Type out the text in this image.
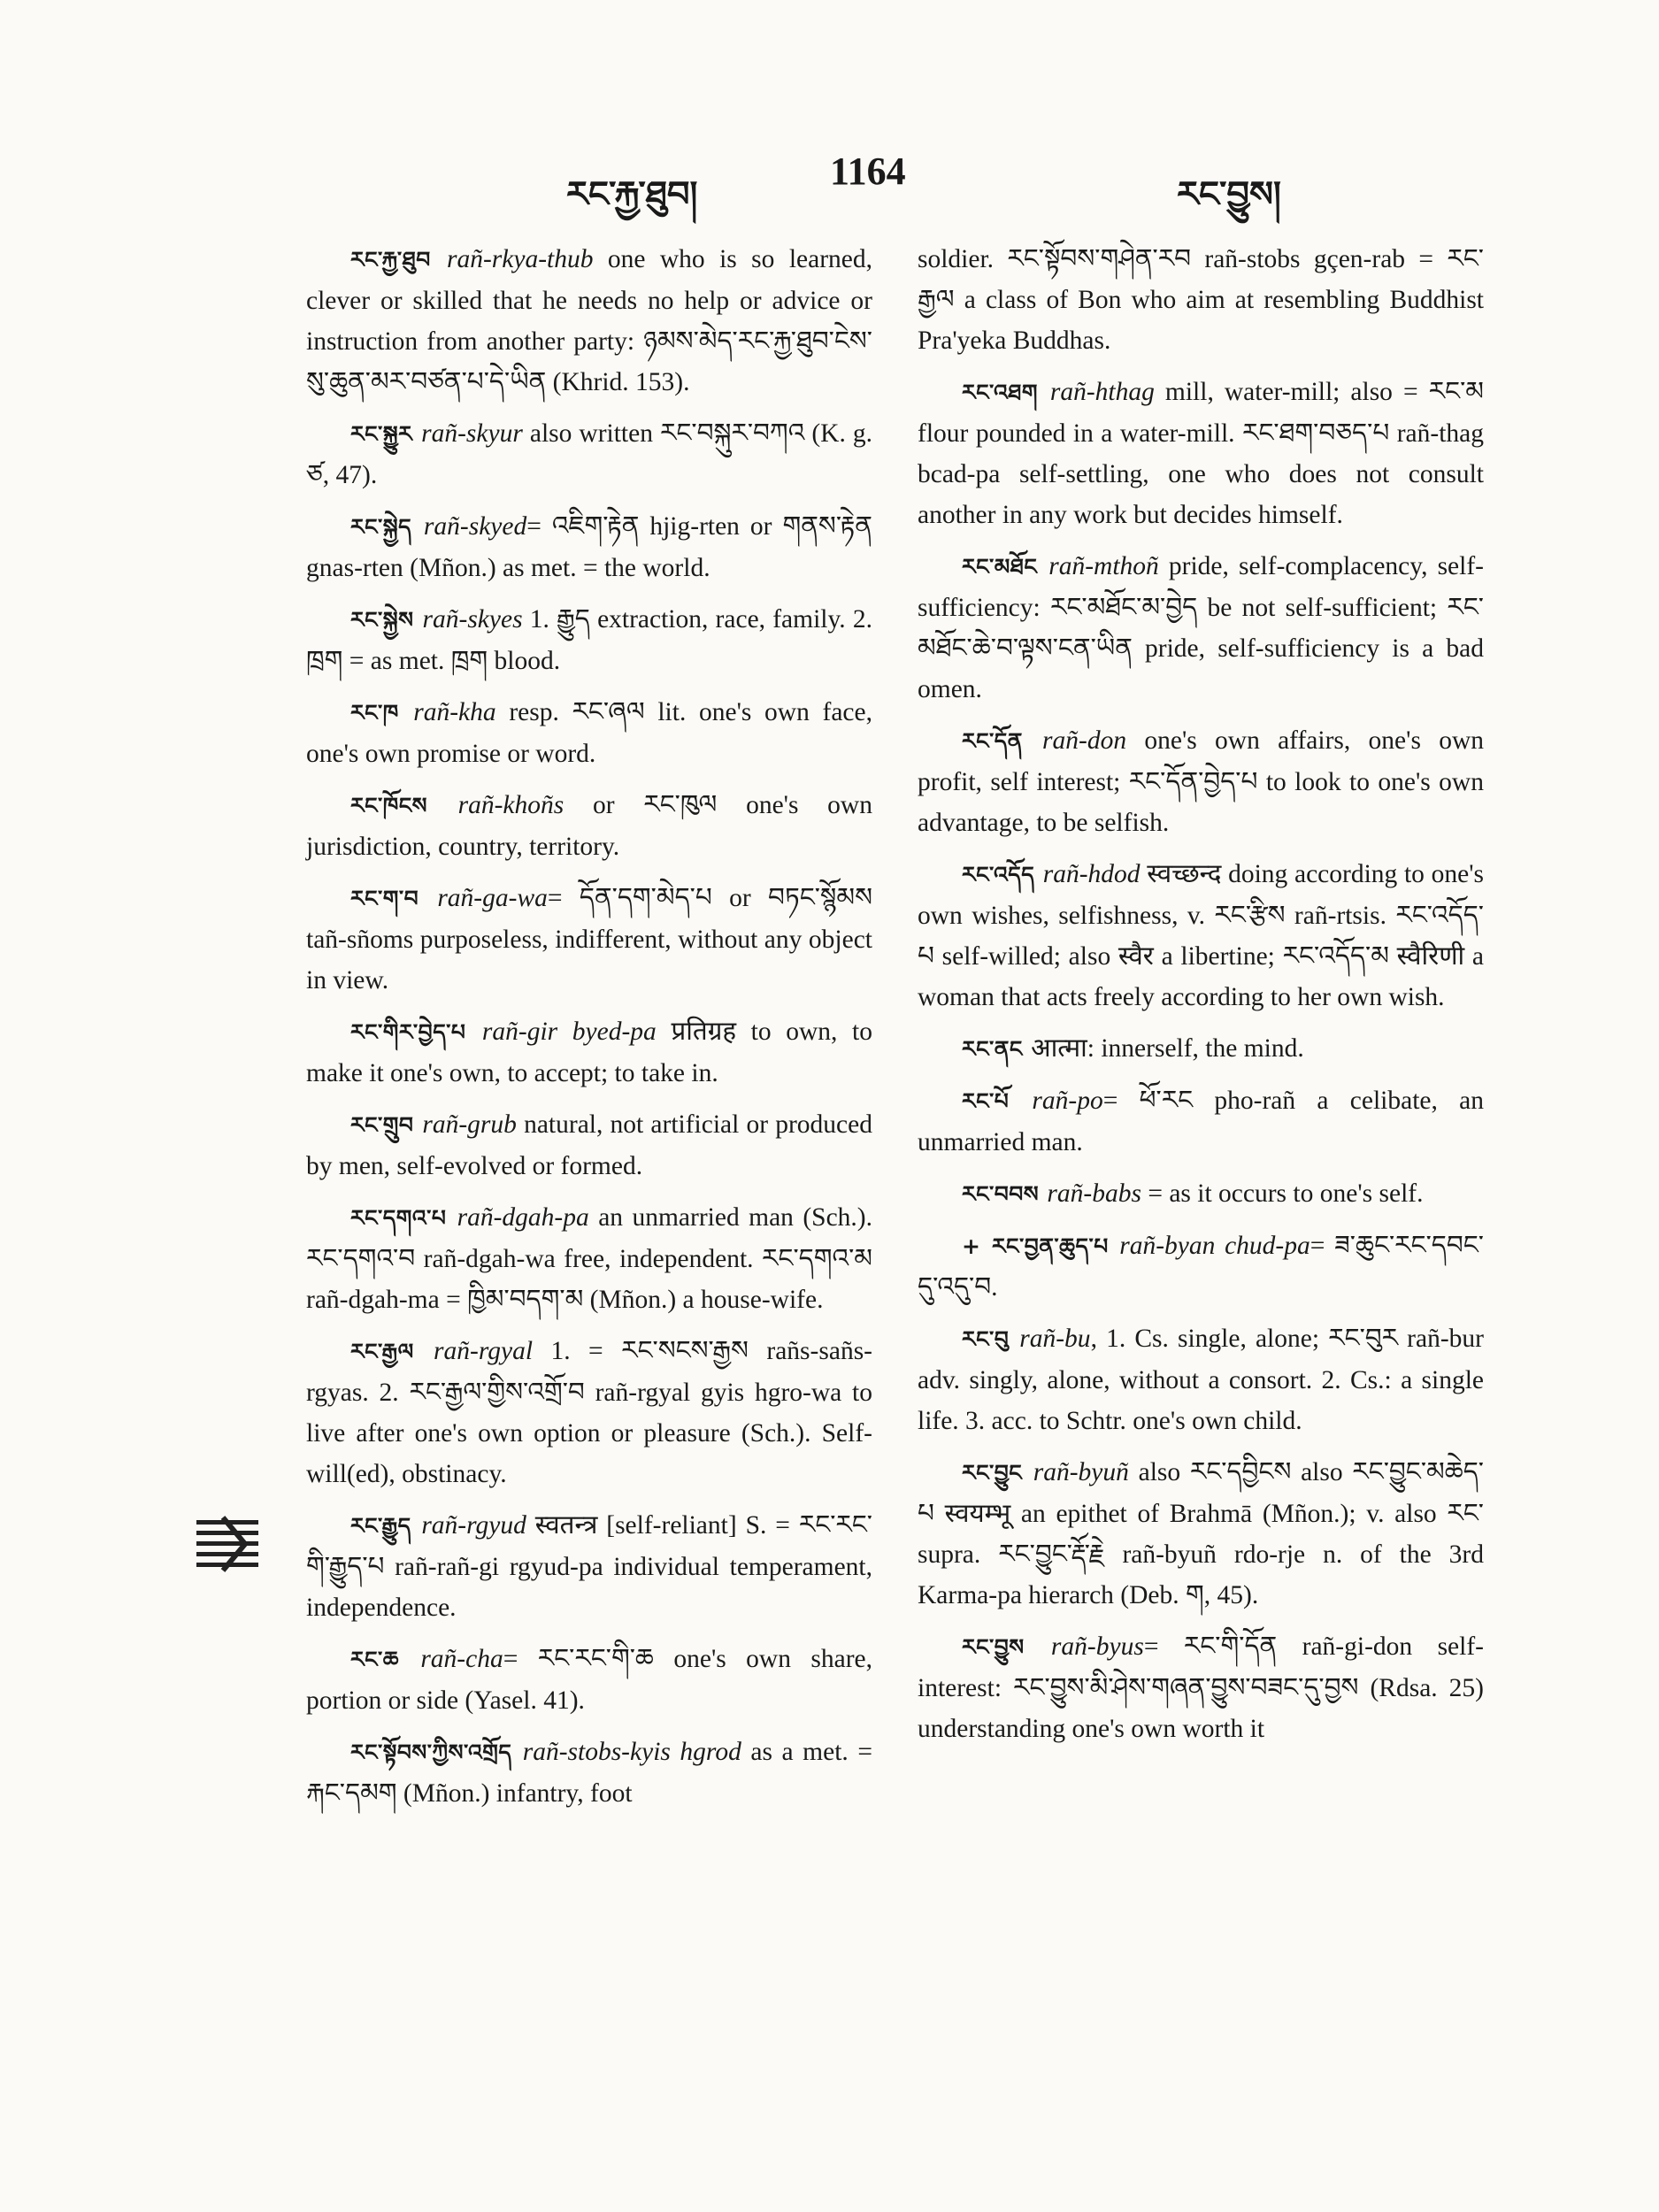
རང་རྐྱ་ཐུབ།
1164
རང་བྱུས།

རང་རྐྱ་ཐུབ rañ-rkya-thub one who is so learned, clever or skilled that he needs no help or advice or instruction from another party: ཉམས་མེད་རང་རྐྱ་ཐུབ་ངེས་སུ་ཆུན་མར་བཙན་པ་དེ་ཡིན (Khrid. 153).

རང་སྐྱུར rañ-skyur also written རང་བསྐུར་བཀའ (K. g. ཙ, 47).

རང་སྐྱེད rañ-skyed= འཇིག་རྟེན hjig-rten or གནས་རྟེན gnas-rten (Mñon.) as met. = the world.

རང་སྐྱེས rañ-skyes 1. རྒྱུད extraction, race, family. 2. ཁྲག = as met. ཁྲག blood.

རང་ཁ rañ-kha resp. རང་ཞལ lit. one's own face, one's own promise or word.

རང་ཁོངས rañ-khoñs or རང་ཁུལ one's own jurisdiction, country, territory.

རང་ག་བ rañ-ga-wa= དོན་དག་མེད་པ or བཏང་སྙོམས tañ-sñoms purposeless, indifferent, without any object in view.

རང་གིར་བྱེད་པ rañ-gir byed-pa प्रतिग्रह to own, to make it one's own, to accept; to take in.

རང་གྲུབ rañ-grub natural, not artificial or produced by men, self-evolved or formed.

རང་དགའ་པ rañ-dgah-pa an unmarried man (Sch.). རང་དགའ་བ rañ-dgah-wa free, independent. རང་དགའ་མ rañ-dgah-ma = ཁྱིམ་བདག་མ (Mñon.) a house-wife.

རང་རྒྱལ rañ-rgyal 1. = རང་སངས་རྒྱས rañs-sañs-rgyas. 2. རང་རྒྱལ་གྱིས་འགྲོ་བ rañ-rgyal gyis hgro-wa to live after one's own option or pleasure (Sch.). Self-will(ed), obstinacy.

རང་རྒྱུད rañ-rgyud स्वतन्त्र [self-reliant] S. = རང་རང་གི་རྒྱུད་པ rañ-rañ-gi rgyud-pa individual temperament, independence.

རང་ཆ rañ-cha= རང་རང་གི་ཆ one's own share, portion or side (Yasel. 41).

རང་སྟོབས་ཀྱིས་འགྲོད rañ-stobs-kyis hgrod as a met. = རྐང་དམག (Mñon.) infantry, foot

soldier. རང་སྟོབས་གཤེན་རབ rañ-stobs gçen-rab = རང་རྒྱལ a class of Bon who aim at resembling Buddhist Pra'yeka Buddhas.

རང་འཐག rañ-hthag mill, water-mill; also = རང་མ flour pounded in a water-mill. རང་ཐག་བཅད་པ rañ-thag bcad-pa self-settling, one who does not consult another in any work but decides himself.

རང་མཐོང rañ-mthoñ pride, self-complacency, self-sufficiency: རང་མཐོང་མ་བྱེད be not self-sufficient; རང་མཐོང་ཆེ་བ་ལྟས་ངན་ཡིན pride, self-sufficiency is a bad omen.

རང་དོན rañ-don one's own affairs, one's own profit, self interest; རང་དོན་བྱེད་པ to look to one's own advantage, to be selfish.

རང་འདོད rañ-hdod स्वच्छन्द doing according to one's own wishes, selfishness, v. རང་རྩིས rañ-rtsis. རང་འདོད་པ self-willed; also स्वैर a libertine; རང་འདོད་མ स्वैरिणी a woman that acts freely according to her own wish.

རང་ནང आत्मा: innerself, the mind.

རང་པོ rañ-po= ཕོ་རང pho-rañ a celibate, an unmarried man.

རང་བབས rañ-babs = as it occurs to one's self.

+ རང་བྱན་ཆུད་པ rañ-byan chud-pa= ཟ་ཆུང་རང་དབང་དུ་འདུ་བ.

རང་བུ rañ-bu, 1. Cs. single, alone; རང་བུར rañ-bur adv. singly, alone, without a consort. 2. Cs.: a single life. 3. acc. to Schtr. one's own child.

རང་བྱུང rañ-byuñ also རང་དབྱིངས also རང་བྱུང་མཆེད་པ स्वयम्भू an epithet of Brahmā (Mñon.); v. also རང་ supra. རང་བྱུང་རྡོ་རྗེ rañ-byuñ rdo-rje n. of the 3rd Karma-pa hierarch (Deb. ག, 45).

རང་བྱུས rañ-byus= རང་གི་དོན rañ-gi-don self-interest: རང་བྱུས་མི་ཤེས་གཞན་བྱུས་བཟང་དུ་བྱས (Rdsa. 25) understanding one's own worth it
